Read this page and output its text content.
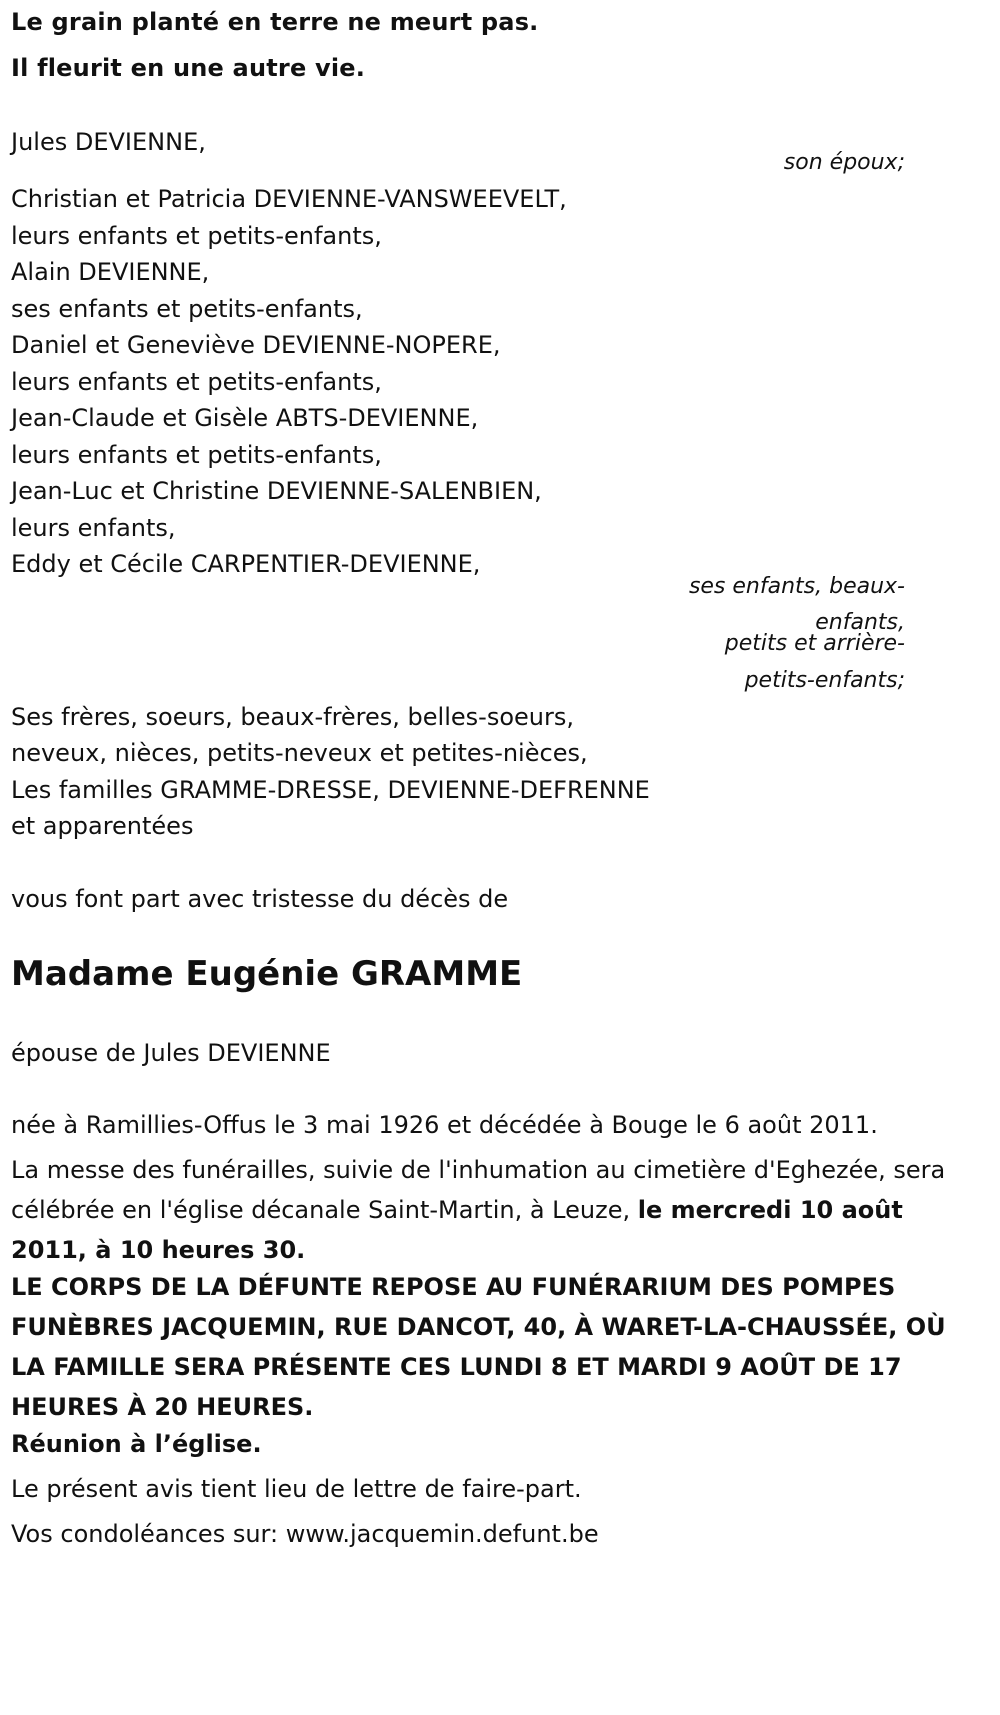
Le grain planté en terre ne meurt pas.

Il fleurit en une autre vie.

Jules DEVIENNE,

son époux;

Christian et Patricia DEVIENNE-VANSWEEVELT,

leurs enfants et petits-enfants,

Alain DEVIENNE,

ses enfants et petits-enfants,

Daniel et Geneviève DEVIENNE-NOPERE,

leurs enfants et petits-enfants,

Jean-Claude et Gisèle ABTS-DEVIENNE,

leurs enfants et petits-enfants,

Jean-Luc et Christine DEVIENNE-SALENBIEN,

leurs enfants,

Eddy et Cécile CARPENTIER-DEVIENNE,

ses enfants, beaux-

enfants,

petits et arrière-

petits-enfants;

Ses frères, soeurs, beaux-frères, belles-soeurs,

neveux, nièces, petits-neveux et petites-nièces,

Les familles GRAMME-DRESSE, DEVIENNE-DEFRENNE

et apparentées

vous font part avec tristesse du décès de

Madame Eugénie GRAMME

épouse de Jules DEVIENNE

née à Ramillies-Offus le 3 mai 1926 et décédée à Bouge le 6 août 2011.

La messe des funérailles, suivie de l'inhumation au cimetière d'Eghezée, sera célébrée en l'église décanale Saint-Martin, à Leuze, le mercredi 10 août 2011, à 10 heures 30.

LE CORPS DE LA DÉFUNTE REPOSE AU FUNÉRARIUM DES POMPES FUNÈBRES JACQUEMIN, RUE DANCOT, 40, À WARET-LA-CHAUSSÉE, OÙ LA FAMILLE SERA PRÉSENTE CES LUNDI 8 ET MARDI 9 AOÛT DE 17 HEURES À 20 HEURES.

Réunion à l’église.

Le présent avis tient lieu de lettre de faire-part.

Vos condoléances sur: www.jacquemin.defunt.be
